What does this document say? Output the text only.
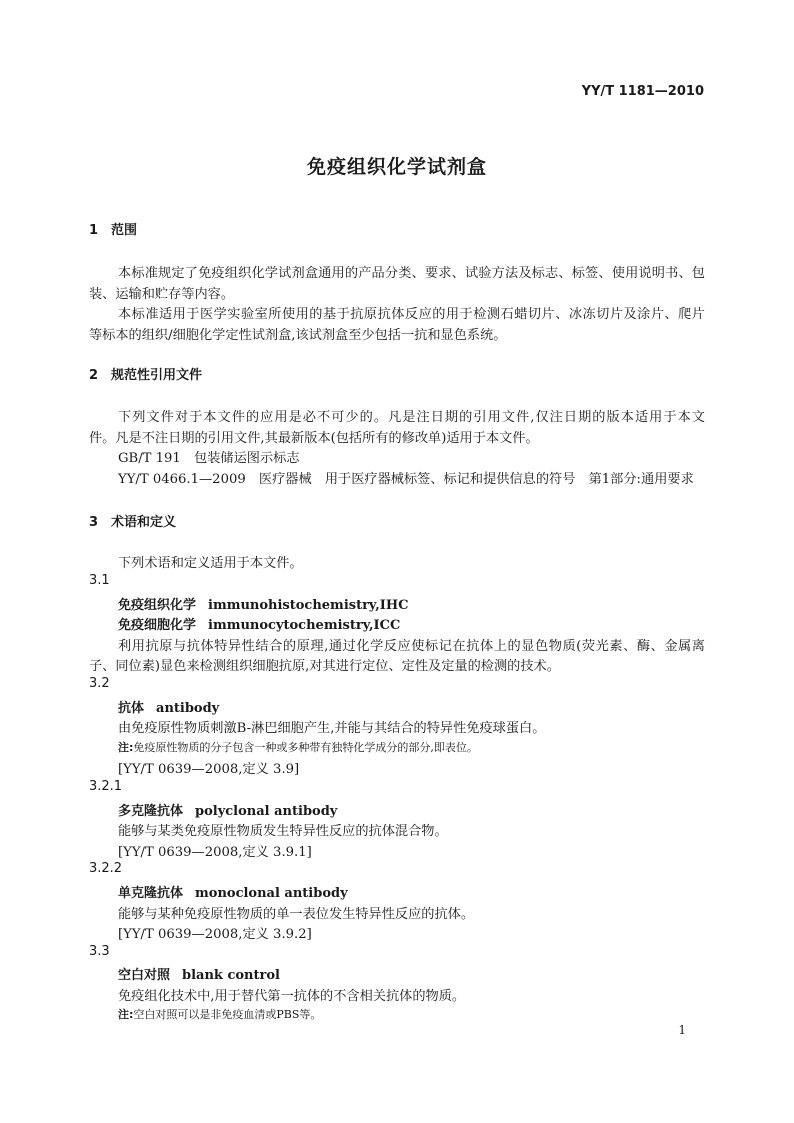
YY/T 1181—2010
免疫组织化学试剂盒
1 范围
本标准规定了免疫组织化学试剂盒通用的产品分类、要求、试验方法及标志、标签、使用说明书、包
装、运输和贮存等内容。
本标准适用于医学实验室所使用的基于抗原抗体反应的用于检测石蜡切片、冰冻切片及涂片、爬片
等标本的组织/细胞化学定性试剂盒,该试剂盒至少包括一抗和显色系统。
2 规范性引用文件
下列文件对于本文件的应用是必不可少的。凡是注日期的引用文件,仅注日期的版本适用于本文
件。凡是不注日期的引用文件,其最新版本(包括所有的修改单)适用于本文件。
GB/T 191　包装储运图示标志
YY/T 0466.1—2009　医疗器械　用于医疗器械标签、标记和提供信息的符号　第1部分:通用要求
3 术语和定义
下列术语和定义适用于本文件。
3.1
免疫组织化学 immunohistochemistry,IHC
免疫细胞化学 immunocytochemistry,ICC
利用抗原与抗体特异性结合的原理,通过化学反应使标记在抗体上的显色物质(荧光素、酶、金属离
子、同位素)显色来检测组织细胞抗原,对其进行定位、定性及定量的检测的技术。
3.2
抗体 antibody
由免疫原性物质刺激B-淋巴细胞产生,并能与其结合的特异性免疫球蛋白。
注:免疫原性物质的分子包含一种或多种带有独特化学成分的部分,即表位。
[YY/T 0639—2008,定义 3.9]
3.2.1
多克隆抗体 polyclonal antibody
能够与某类免疫原性物质发生特异性反应的抗体混合物。
[YY/T 0639—2008,定义 3.9.1]
3.2.2
单克隆抗体 monoclonal antibody
能够与某种免疫原性物质的单一表位发生特异性反应的抗体。
[YY/T 0639—2008,定义 3.9.2]
3.3
空白对照 blank control
免疫组化技术中,用于替代第一抗体的不含相关抗体的物质。
注:空白对照可以是非免疫血清或PBS等。
1
